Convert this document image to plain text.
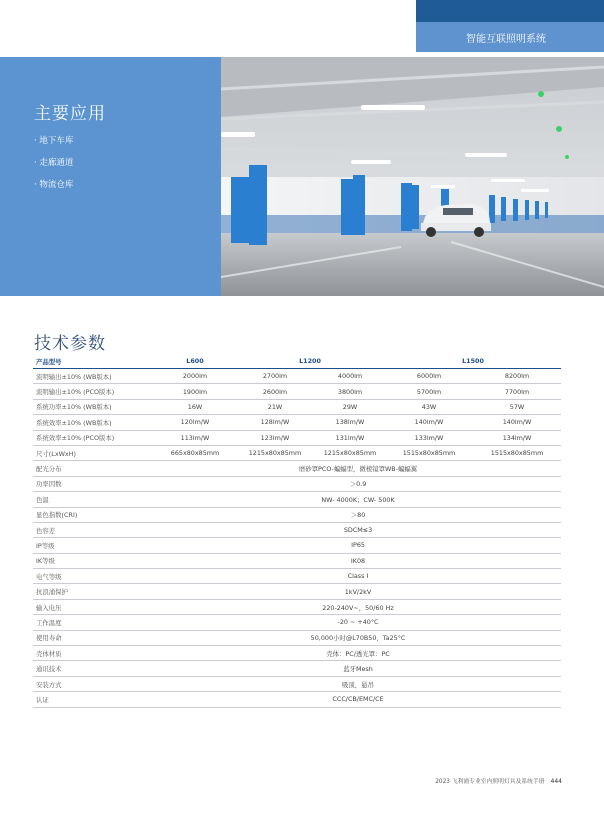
智能互联照明系统
主要应用
· 地下车库
· 走廊通道
· 物流仓库
技术参数
产品型号	L600	L1200		L1500	
流明输出±10% (WB版本)	2000lm	2700lm	4000lm	6000lm	8200lm
流明输出±10% (PCO版本)	1900lm	2600lm	3800lm	5700lm	7700lm
系统功率±10% (WB版本)	16W	21W	29W	43W	57W
系统效率±10% (WB版本)	120lm/W	128lm/W	138lm/W	140lm/W	140lm/W
系统效率±10% (PCO版本)	113lm/W	123lm/W	131lm/W	133lm/W	134lm/W
尺寸(LxWxH)	665x80x85mm	1215x80x85mm	1215x80x85mm	1515x80x85mm	1515x80x85mm
配光分布	磨砂罩PCO-蝙蝠型，微棱镜罩WB-蝙蝠翼				
功率因数	＞0.9				
色温	NW- 4000K；CW- 500K				
显色指数(CRI)	＞80				
色容差	SDCM≤3				
IP等级	IP65				
IK等级	IK08				
电气等级	Class I				
抗浪涌保护	1kV/2kV				
输入电压	220-240V~，50/60 Hz				
工作温度	-20 ~ +40°C				
使用寿命	50,000小时@L70B50，Ta25°C				
壳体材质	壳体：PC/透光罩：PC				
通讯技术	蓝牙Mesh				
安装方式	吸顶，悬吊				
认证	CCC/CB/EMC/CE				
2023 飞利浦专业室内照明灯具及系统手册 444
